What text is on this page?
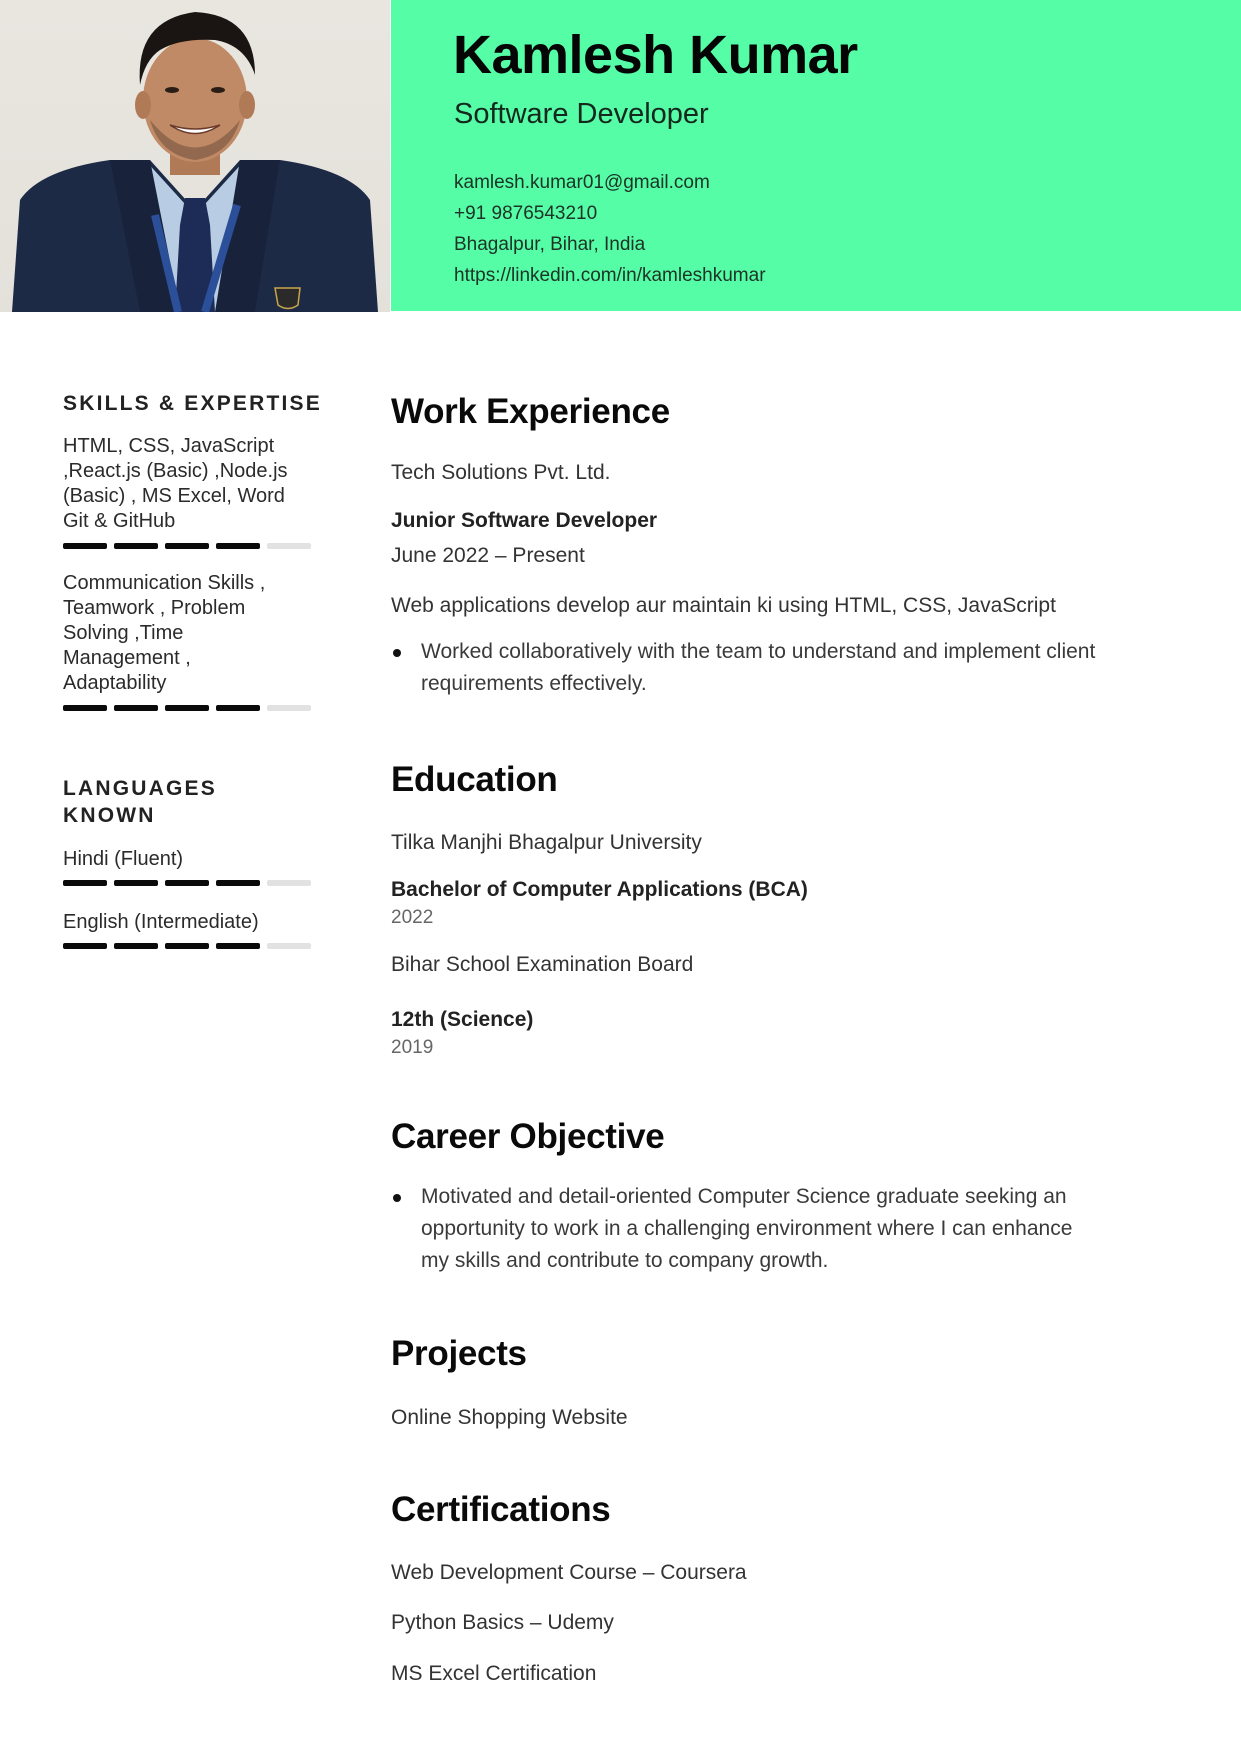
Kamlesh Kumar
Software Developer
kamlesh.kumar01@gmail.com
+91 9876543210
Bhagalpur, Bihar, India
https://linkedin.com/in/kamleshkumar
SKILLS & EXPERTISE
HTML, CSS, JavaScript
,React.js (Basic) ,Node.js
(Basic) , MS Excel, Word
Git & GitHub
Communication Skills ,
Teamwork , Problem
Solving ,Time
Management ,
Adaptability
LANGUAGES
KNOWN
Hindi (Fluent)
English (Intermediate)
Work Experience
Tech Solutions Pvt. Ltd.
Junior Software Developer
June 2022 – Present
Web applications develop aur maintain ki using HTML, CSS, JavaScript
Worked collaboratively with the team to understand and implement client
requirements effectively.
Education
Tilka Manjhi Bhagalpur University
Bachelor of Computer Applications (BCA)
2022
Bihar School Examination Board
12th (Science)
2019
Career Objective
Motivated and detail-oriented Computer Science graduate seeking an
opportunity to work in a challenging environment where I can enhance
my skills and contribute to company growth.
Projects
Online Shopping Website
Certifications
Web Development Course – Coursera
Python Basics – Udemy
MS Excel Certification
